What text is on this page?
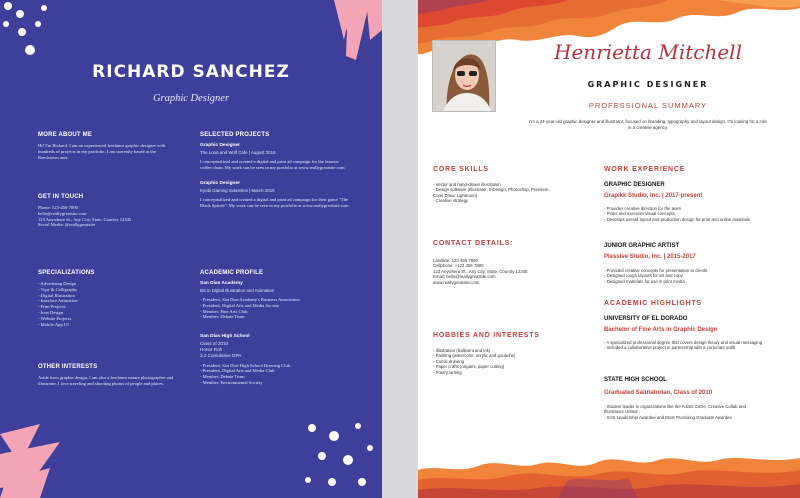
RICHARD SANCHEZ
Graphic Designer
MORE ABOUT ME
Hi! I'm Richard. I am an experienced freelance graphic designer with hundreds of projects in my portfolio. I am currently based in the Reechtown area.
GET IN TOUCH
Phone: 123-456-7890
hello@reallygreatsite.com
123 Anywhere St., Any City, State, Country 12345
Social Media: @reallygreatsite
SPECIALIZATIONS
- Advertising Design
- Type & Calligraphy
- Digital Illustration
- Interface Animation
- Print Projects
- Icon Design
- Website Projects
- Mobile App UI
OTHER INTERESTS
Aside from graphic design, I am also a freelance nature photographer and illustrator. I love traveling and shooting photos of people and places.
SELECTED PROJECTS
Graphic Designer
The Luna and Wolf Cafe | August 2019
I conceptualized and created a digital and print ad campaign for the famous coffee chain. My work can be seen in my portfolio at www.reallygreatsite.com
Graphic Designer
Kyobi Gaming Industries | March 2015
I conceptualized and created a digital and print ad campaign for their game "The Black Spirals". My work can be seen in my portfolio at www.reallygreatsite.com
ACADEMIC PROFILE
San Dias Academy
BS in Digital Illustration and Animation
- President, San Dias Academy's Business Association
- President, Digital Arts and Media Society
- Member, Fine Arts Club
- Member, Debate Team
San Dias High School
Class of 2010
Honor Roll
3.2 Cumulative GPA
- President, San Dias High School Drawing Club
- President, Digital Arts and Media Club
- Member, Debate Team
- Member, Environmental Society
Henrietta Mitchell
GRAPHIC DESIGNER
PROFESSIONAL SUMMARY
I'm a 24-year-old graphic designer and illustrator, focused on branding, typography and layout design. I'm looking for a role in a creative agency.
CORE SKILLS
- Vector and hand-drawn illustration
- Design software (Illustrator, InDesign, Photoshop, Premiere,
Corel Draw, Lightroom)
- Creative strategy
CONTACT DETAILS:
Landline: 123 456 7890
Cellphone: +123 456 7890
123 Anywhere St., Any City, State, Country 12345
Email: hello@reallygreatsite.com
www.reallygreatsite.com
HOBBIES AND INTERESTS
- Illustration (ballpoint and ink)
- Painting (watercolor, acrylic and gouache)
- Comic drawing
- Paper crafts (origami, paper cutting)
- Poetry writing
WORK EXPERIENCE
GRAPHIC DESIGNER
Grapikk Studio, Inc. | 2017-present
- Provides creative direction for the team
- Plans and executes visual concepts
- Develops overall layout and production design for print and online materials
JUNIOR GRAPHIC ARTIST
Plessive Studio, Inc. | 2015-2017
- Provided creative concepts for presentation to clients
- Designed rough layouts for art and copy
- Designed materials for use in print media
ACADEMIC HIGHLIGHTS
UNIVERSITY OF EL DORADO
Bachelor of Fine Arts in Graphic Design
- A specialized professional degree that covers design theory and visual messaging
- Included a collaborative project in partnership with a corporate outfit
STATE HIGH SCHOOL
Graduated Salutatorian, Class of 2010
- Student leader in organizations like the Artists Circle, Creative Collab and
Illustrators United
- SHS Leadership Awardee and Most Promising Graduate Awardee
